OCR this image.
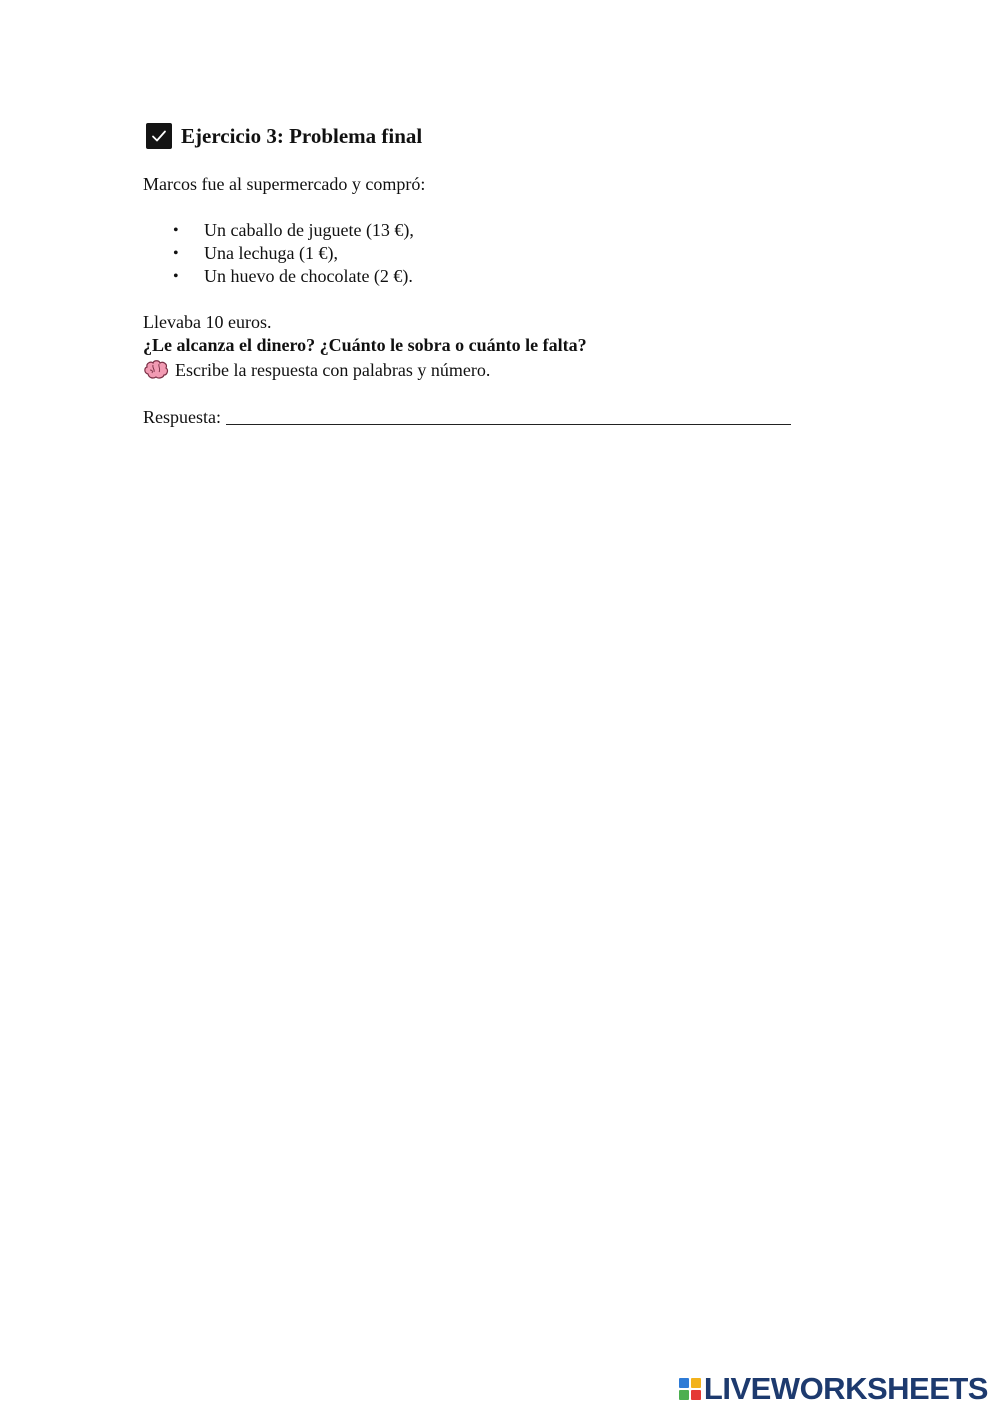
Ejercicio 3: Problema final
Marcos fue al supermercado y compró:
• Un caballo de juguete (13 €),
• Una lechuga (1 €),
• Un huevo de chocolate (2 €).
Llevaba 10 euros.
¿Le alcanza el dinero? ¿Cuánto le sobra o cuánto le falta?
Escribe la respuesta con palabras y número.
Respuesta:
LIVEWORKSHEETS
